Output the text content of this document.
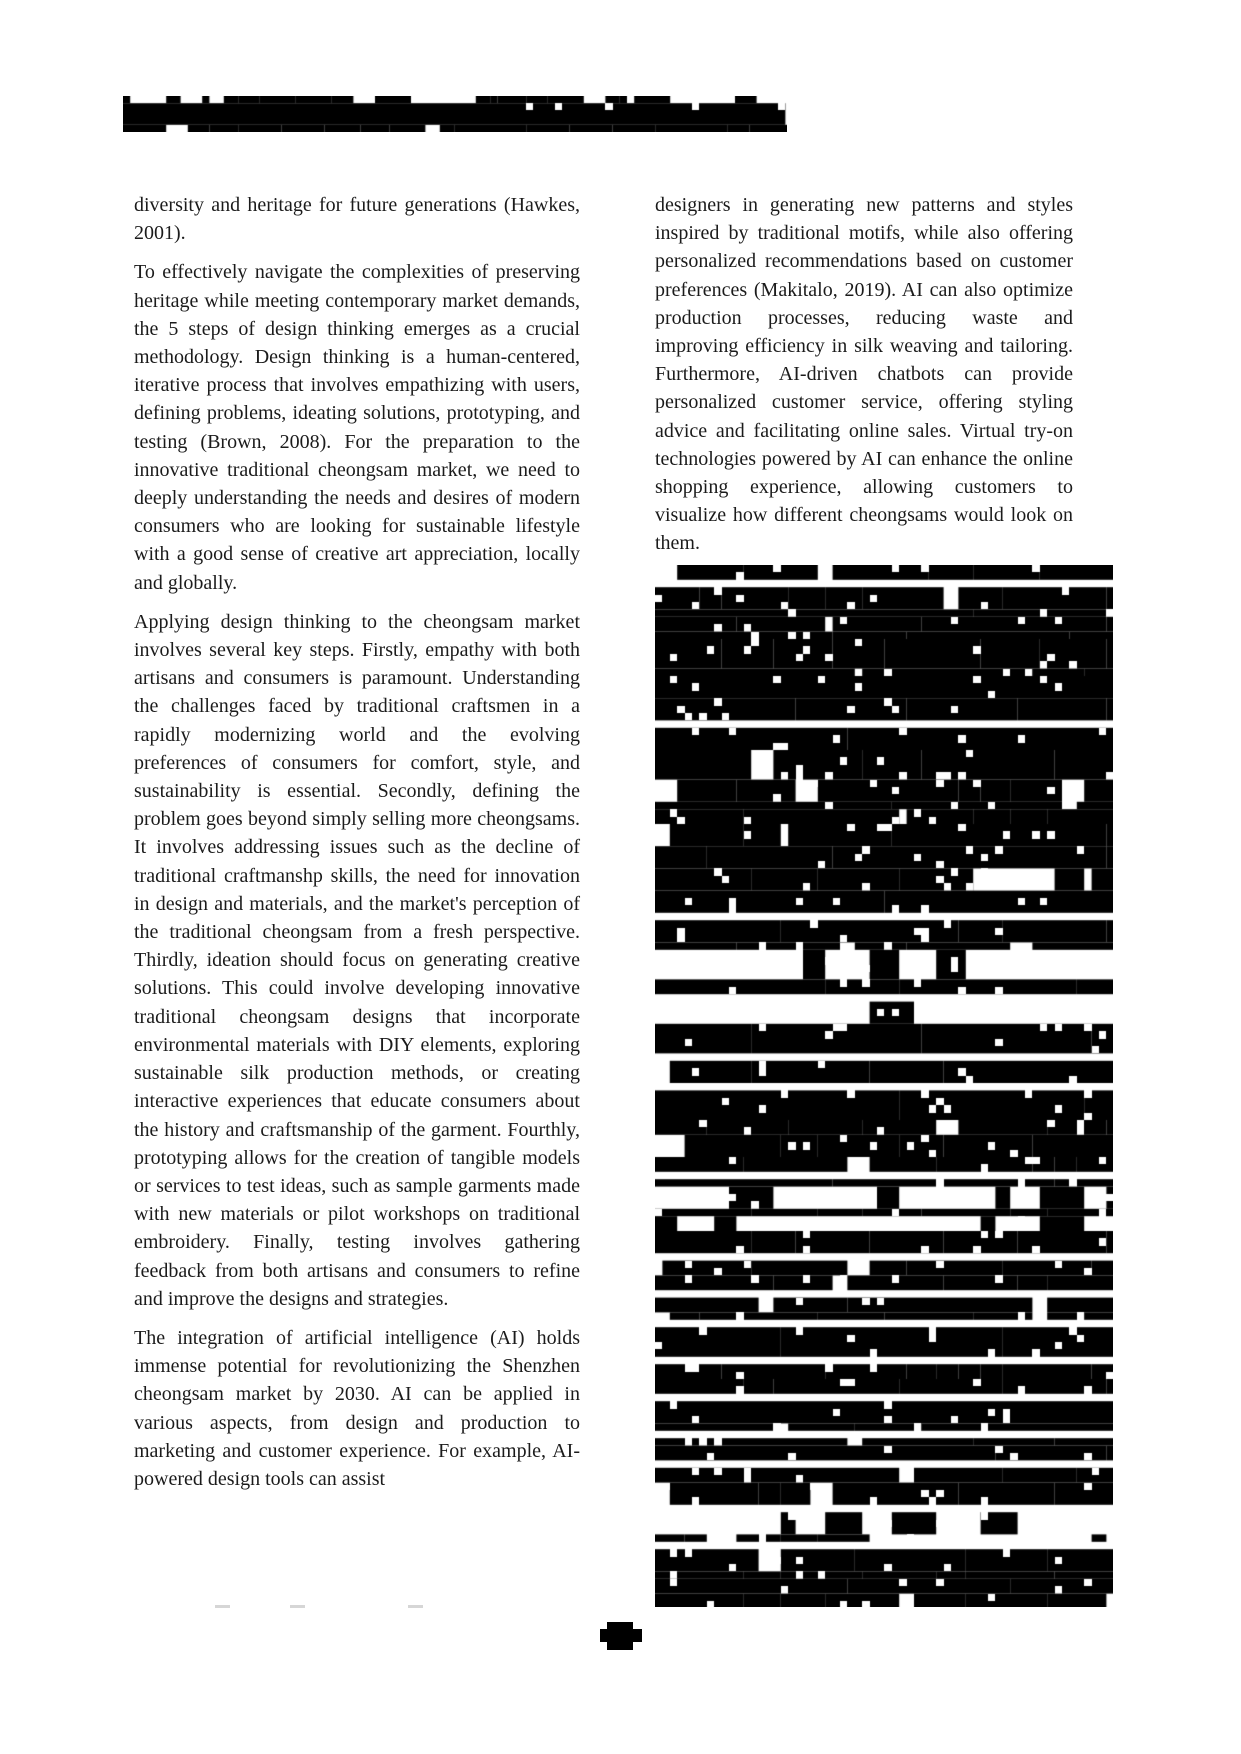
diversity and heritage for future generations (Hawkes, 2001).

To effectively navigate the complexities of preserving heritage while meeting contemporary market demands, the 5 steps of design thinking emerges as a crucial methodology. Design thinking is a human-centered, iterative process that involves empathizing with users, defining problems, ideating solutions, prototyping, and testing (Brown, 2008). For the preparation to the innovative traditional cheongsam market, we need to deeply understanding the needs and desires of modern consumers who are looking for sustainable lifestyle with a good sense of creative art appreciation, locally and globally.

Applying design thinking to the cheongsam market involves several key steps. Firstly, empathy with both artisans and consumers is paramount. Understanding the challenges faced by traditional craftsmen in a rapidly modernizing world and the evolving preferences of consumers for comfort, style, and sustainability is essential. Secondly, defining the problem goes beyond simply selling more cheongsams. It involves addressing issues such as the decline of traditional craftmanshp skills, the need for innovation in design and materials, and the market's perception of the traditional cheongsam from a fresh perspective. Thirdly, ideation should focus on generating creative solutions. This could involve developing innovative traditional cheongsam designs that incorporate environmental materials with DIY elements, exploring sustainable silk production methods, or creating interactive experiences that educate consumers about the history and craftsmanship of the garment. Fourthly, prototyping allows for the creation of tangible models or services to test ideas, such as sample garments made with new materials or pilot workshops on traditional embroidery. Finally, testing involves gathering feedback from both artisans and consumers to refine and improve the designs and strategies.

The integration of artificial intelligence (AI) holds immense potential for revolutionizing the Shenzhen cheongsam market by 2030. AI can be applied in various aspects, from design and production to marketing and customer experience. For example, AI-powered design tools can assist

designers in generating new patterns and styles inspired by traditional motifs, while also offering personalized recommendations based on customer preferences (Makitalo, 2019). AI can also optimize production processes, reducing waste and improving efficiency in silk weaving and tailoring. Furthermore, AI-driven chatbots can provide personalized customer service, offering styling advice and facilitating online sales. Virtual try-on technologies powered by AI can enhance the online shopping experience, allowing customers to visualize how different cheongsams would look on them.
